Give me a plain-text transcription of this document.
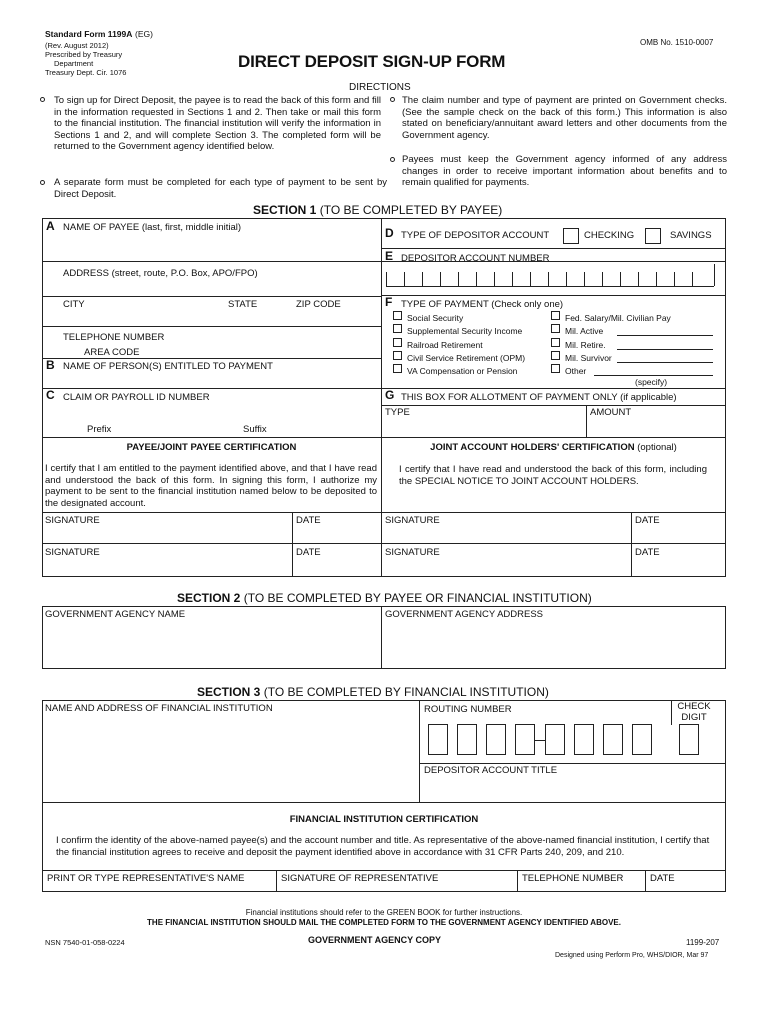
Standard Form 1199A (EG)
(Rev. August 2012)
Prescribed by Treasury
Department
Treasury Dept. Cir. 1076
OMB No. 1510-0007
DIRECT DEPOSIT SIGN-UP FORM
DIRECTIONS
To sign up for Direct Deposit, the payee is to read the back of this form and fill in the information requested in Sections 1 and 2. Then take or mail this form to the financial institution. The financial institution will verify the information in Sections 1 and 2, and will complete Section 3. The completed form will be returned to the Government agency identified below.
A separate form must be completed for each type of payment to be sent by Direct Deposit.
The claim number and type of payment are printed on Government checks. (See the sample check on the back of this form.) This information is also stated on beneficiary/annuitant award letters and other documents from the Government agency.
Payees must keep the Government agency informed of any address changes in order to receive important information about benefits and to remain qualified for payments.
SECTION 1 (TO BE COMPLETED BY PAYEE)
A NAME OF PAYEE (last, first, middle initial)
ADDRESS (street, route, P.O. Box, APO/FPO)
CITY	STATE	ZIP CODE
TELEPHONE NUMBER
AREA CODE
B NAME OF PERSON(S) ENTITLED TO PAYMENT
C CLAIM OR PAYROLL ID NUMBER
Prefix	Suffix
D TYPE OF DEPOSITOR ACCOUNT	CHECKING	SAVINGS
E DEPOSITOR ACCOUNT NUMBER
F TYPE OF PAYMENT (Check only one)
Social Security
Supplemental Security Income
Railroad Retirement
Civil Service Retirement (OPM)
VA Compensation or Pension
Fed. Salary/Mil. Civilian Pay
Mil. Active
Mil. Retire.
Mil. Survivor
Other
(specify)
G THIS BOX FOR ALLOTMENT OF PAYMENT ONLY (if applicable)
TYPE	AMOUNT
PAYEE/JOINT PAYEE CERTIFICATION
I certify that I am entitled to the payment identified above, and that I have read and understood the back of this form. In signing this form, I authorize my payment to be sent to the financial institution named below to be deposited to the designated account.
JOINT ACCOUNT HOLDERS' CERTIFICATION (optional)
I certify that I have read and understood the back of this form, including the SPECIAL NOTICE TO JOINT ACCOUNT HOLDERS.
SIGNATURE	DATE	SIGNATURE	DATE
SIGNATURE	DATE	SIGNATURE	DATE
SECTION 2 (TO BE COMPLETED BY PAYEE OR FINANCIAL INSTITUTION)
GOVERNMENT AGENCY NAME	GOVERNMENT AGENCY ADDRESS
SECTION 3 (TO BE COMPLETED BY FINANCIAL INSTITUTION)
NAME AND ADDRESS OF FINANCIAL INSTITUTION	ROUTING NUMBER	CHECK
DIGIT
DEPOSITOR ACCOUNT TITLE
FINANCIAL INSTITUTION CERTIFICATION
I confirm the identity of the above-named payee(s) and the account number and title. As representative of the above-named financial institution, I certify that the financial institution agrees to receive and deposit the payment identified above in accordance with 31 CFR Parts 240, 209, and 210.
PRINT OR TYPE REPRESENTATIVE'S NAME	SIGNATURE OF REPRESENTATIVE	TELEPHONE NUMBER	DATE
Financial institutions should refer to the GREEN BOOK for further instructions.
THE FINANCIAL INSTITUTION SHOULD MAIL THE COMPLETED FORM TO THE GOVERNMENT AGENCY IDENTIFIED ABOVE.
NSN 7540-01-058-0224	GOVERNMENT AGENCY COPY	1199-207
Designed using Perform Pro, WHS/DIOR, Mar 97
